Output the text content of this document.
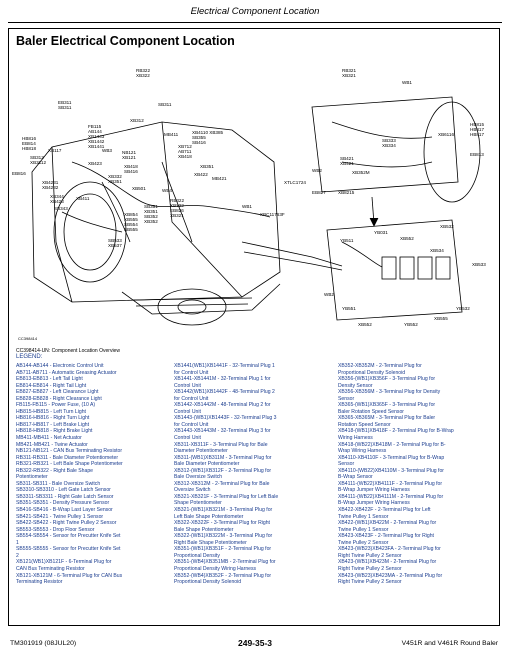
Electrical Component Location
Baler Electrical Component Location
RB322
XB322
EB311
SB311
FB115
AB144
XB1443
XB1442
XB1441
HB816
EB814
HB818	XB117
SB312
XB3112	XB423
EB816
XB4231
XB4232
XB344
XB423
SB343
XB411
SB311
XB312
WB3 NB121
XB121
XB418
SB416
XB332
XB351
XB501
MB411	XB4110 XB385
SB355
SB416
XB712
AB711
XB418
XB351
XB422
MB421
WB4
RB322
XB322
EB826
XB321
SB351
XB351
SB352
XB352
XB854
XB555
SB554
SB555
SB533
XB537
XTLC1724
WB1
XBC11763F
RB321
XB321
WB1
HB815
HB817
HB817
XB6116
SB333
XB334
SB421
XB421
WB2	XB352M
EB827	XB8215
EB813
YB031
YB511	XB552
XB532
XB533
XB534
WB2
YB551	YB532
XB555
XB552	YB552
CC398414
CC398414-UN: Component Location Overview
LEGEND:
AB144-AB144 - Electronic Control Unit
AB711-AB711 - Automatic Greasing Actuator
EB813-EB813 - Left Tail Light
EB814-EB814 - Right Tail Light
EB827-EB827 - Left Clearance Light
EB828-EB828 - Right Clearance Light
FB115-FB115 - Power Fuse, (10 A)
HB815-HB815 - Left Turn Light
HB816-HB816 - Right Turn Light
HB817-HB817 - Left Brake Light
HB818-HB818 - Right Brake Light
MB411-MB411 - Net Actuator
MB421-MB421 - Twine Actuator
NB121-NB121 - CAN Bus Terminating Resistor
RB311-RB311 - Bale Diameter Potentiometer
RB321-RB321 - Left Bale Shape Potentiometer
RB322-RB322 - Right Bale Shape
Potentiometer
SB311-SB311 - Bale Oversize Switch
SB3310-SB3310 - Left Gate Latch Sensor
SB3311-SB3311 - Right Gate Latch Sensor
SB351-SB351 - Density Pressure Sensor
SB416-SB416 - B-Wrap Last Layer Sensor
SB421-SB421 - Twine Pulley 1 Sensor
SB422-SB422 - Right Twine Pulley 2 Sensor
SB553-SB553 - Drop Floor Sensor
SB554-SB554 - Sensor for Precutter Knife Set
1
SB555-SB555 - Sensor for Precutter Knife Set
2
XB121(WB1)XB121F - 6-Terminal Plug for
CAN Bus Terminating Resistor
XB121-XB121M - 6-Terminal Plug for CAN Bus
Terminating Resistor
XB1441(WB1)XB1441F - 32-Terminal Plug 1
for Control Unit
XB1441-XB1441M - 32-Terminal Plug 1 for
Control Unit
XB1442(WB1)XB1442F - 48-Terminal Plug 2
for Control Unit
XB1442-XB1442M - 48-Terminal Plug 2 for
Control Unit
XB1443-(WB1)XB1443F - 32-Terminal Plug 3
for Control Unit
XB1443-XB1443M - 32-Terminal Plug 3 for
Control Unit
XB311-XB311F - 3-Terminal Plug for Bale
Diameter Potentiometer
XB311-(WB1)XB311M - 3-Terminal Plug for
Bale Diameter Potentiometer
XB312-(WB1)XB312F - 2-Terminal Plug for
Bale Oversize Switch
XB312-XB312M - 2-Terminal Plug for Bale
Oversize Switch
XB321-XB321F - 3-Terminal Plug for Left Bale
Shape Potentiometer
XB321-(WB1)XB321M - 3-Terminal Plug for
Left Bale Shape Potentiometer
XB322-XB322F - 3-Terminal Plug for Right
Bale Shape Potentiometer
XB322-(WB1)XB322M - 3-Terminal Plug for
Right Bale Shape Potentiometer
XB351-(WB1)XB351F - 2-Terminal Plug for
Proportional Density
XB351-(WB4)XB351MB - 2-Terminal Plug for
Proportional Density Wiring Harness
XB352-(WB4)XB352F - 2-Terminal Plug for
Proportional Density Solenoid
XB352-XB352M - 2-Terminal Plug for
Proportional Density Solenoid
XB356-(WB1)XB356F - 3-Terminal Plug for
Density Sensor
XB356-XB356M - 3-Terminal Plug for Density
Sensor
XB365-(WB1)XB365F - 3-Terminal Plug for
Baler Rotation Speed Sensor
XB365-XB365M - 3-Terminal Plug for Baler
Rotation Speed Sensor
XB418-(WB1)XB418F - 2-Terminal Plug for B-Wrap
Wiring Harness
XB418-(WB22)XB418M - 2-Terminal Plug for B-
Wrap Wiring Harness
XB4110-XB4110F - 3-Terminal Plug for B-Wrap
Sensor
XB4110-(WB22)XB4110M - 3-Terminal Plug for
B-Wrap Sensor
XB4111-(WB22)XB4111F - 2-Terminal Plug for
B-Wrap Jumper Wiring Harness
XB4111-(WB22)XB4111M - 2-Terminal Plug for
B-Wrap Jumper Wiring Harness
XB422-XB422F - 2-Terminal Plug for Left
Twine Pulley 1 Sensor
XB422-(WB1)XB422M - 2-Terminal Plug for
Twine Pulley 1 Sensor
XB423-XB423F - 2-Terminal Plug for Right
Twine Pulley 2 Sensor
XB423-(WB23)XB423FA - 2-Terminal Plug for
Right Twine Pulley 2 Sensor
XB423-(WB1)XB423M - 2-Terminal Plug for
Right Twine Pulley 2 Sensor
XB423-(WB23)XB423MA - 2-Terminal Plug for
Right Twine Pulley 2 Sensor
TM301919 (08JUL20)	249-35-3	V451R and V461R Round Baler
